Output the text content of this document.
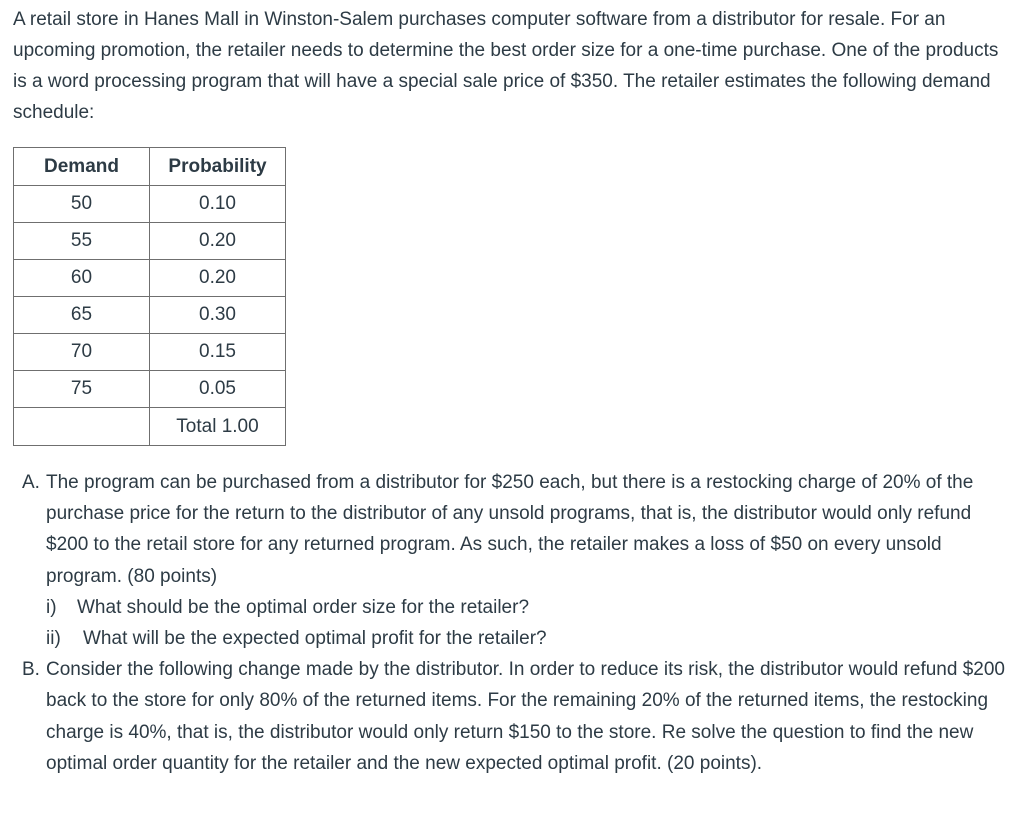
A retail store in Hanes Mall in Winston-Salem purchases computer software from a distributor for resale. For an upcoming promotion, the retailer needs to determine the best order size for a one-time purchase. One of the products is a word processing program that will have a special sale price of $350. The retailer estimates the following demand schedule:

Demand	Probability
50	0.10
55	0.20
60	0.20
65	0.30
70	0.15
75	0.05
	Total 1.00
A. The program can be purchased from a distributor for $250 each, but there is a restocking charge of 20% of the purchase price for the return to the distributor of any unsold programs, that is, the distributor would only refund $200 to the retail store for any returned program. As such, the retailer makes a loss of $50 on every unsold program. (80 points)
i) What should be the optimal order size for the retailer?
ii) What will be the expected optimal profit for the retailer?
B. Consider the following change made by the distributor. In order to reduce its risk, the distributor would refund $200 back to the store for only 80% of the returned items. For the remaining 20% of the returned items, the restocking charge is 40%, that is, the distributor would only return $150 to the store. Re solve the question to find the new optimal order quantity for the retailer and the new expected optimal profit. (20 points).
